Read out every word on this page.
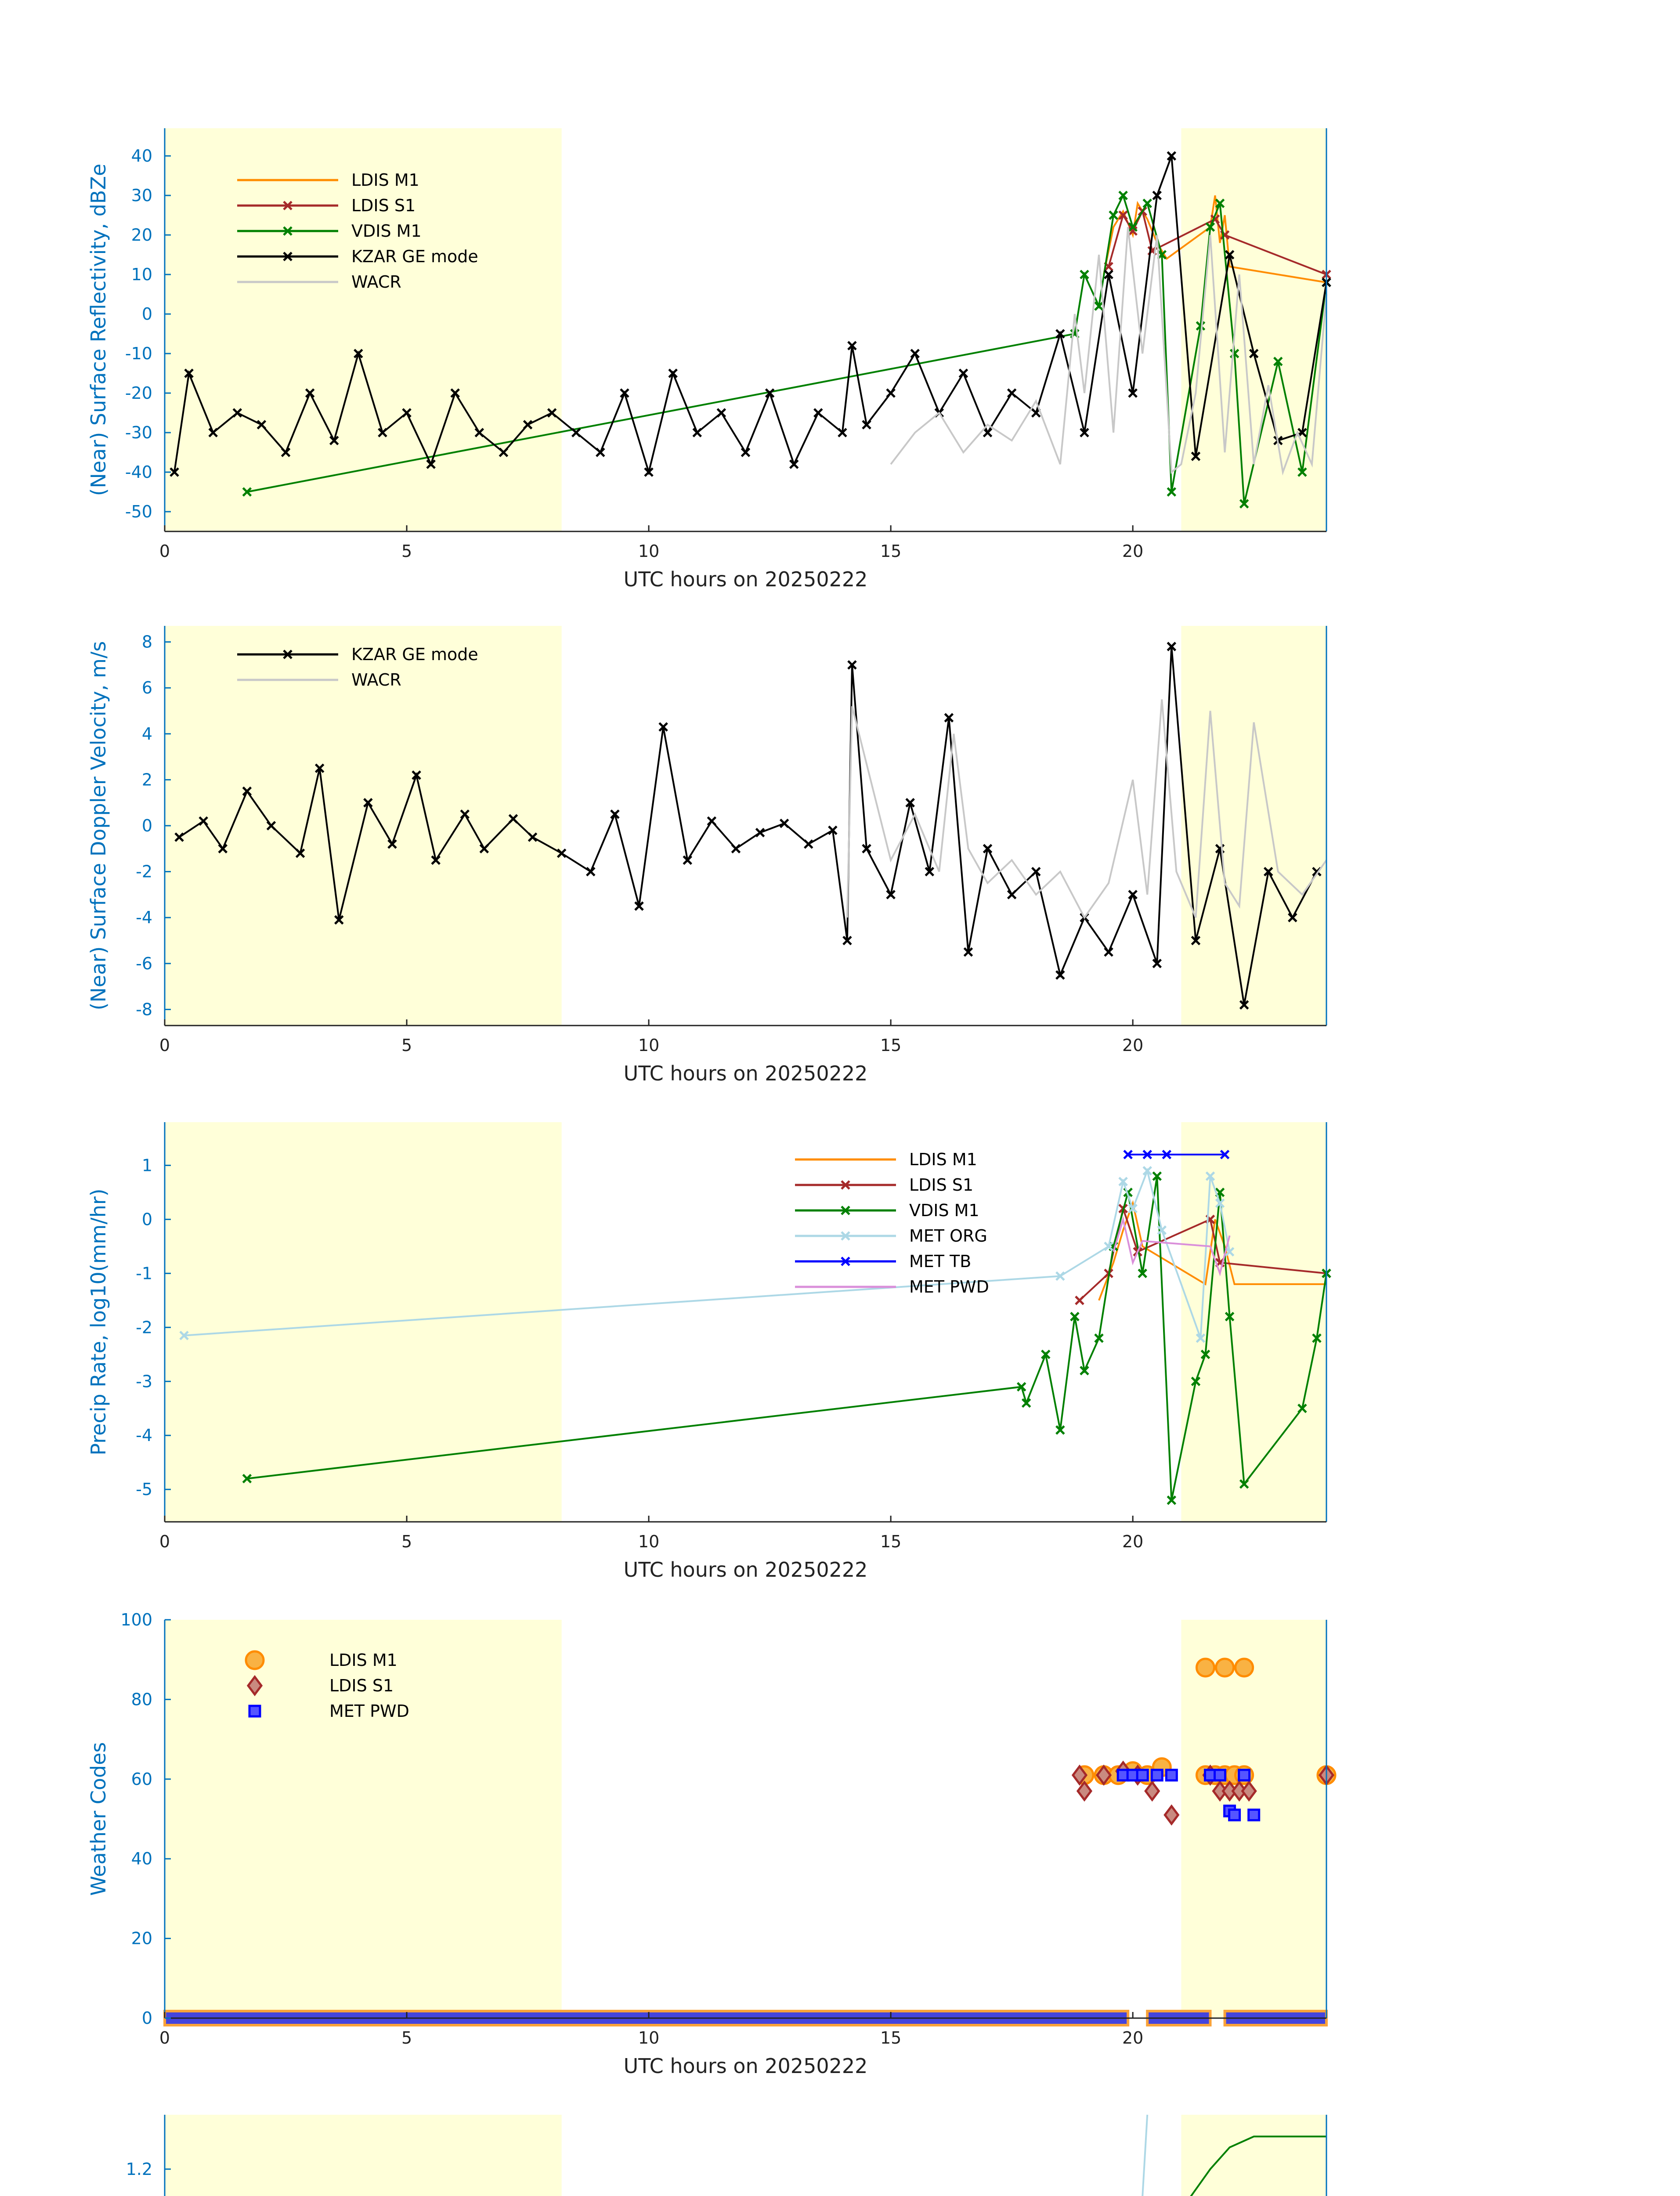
0	5	10	15	20
-50
-40
-30
-20
-10
0
10
20
30
40
UTC hours on 20250222
(Near) Surface Reflectivity, dBZe	LDIS M1
LDIS S1
VDIS M1
KZAR GE mode
WACR
0	5	10	15	20
-8
-6
-4
-2
0
2
4
6
8
UTC hours on 20250222
(Near) Surface Doppler Velocity, m/s	KZAR GE mode
WACR
0	5	10	15	20
-5
-4
-3
-2
-1
0
1
UTC hours on 20250222
Precip Rate, log10(mm/hr)
LDIS M1
LDIS S1
VDIS M1
MET ORG
MET TB
MET PWD
0	5	10	15	20
0
20
40
60
80
100
UTC hours on 20250222
Weather Codes
LDIS M1
LDIS S1
MET PWD
1.2
